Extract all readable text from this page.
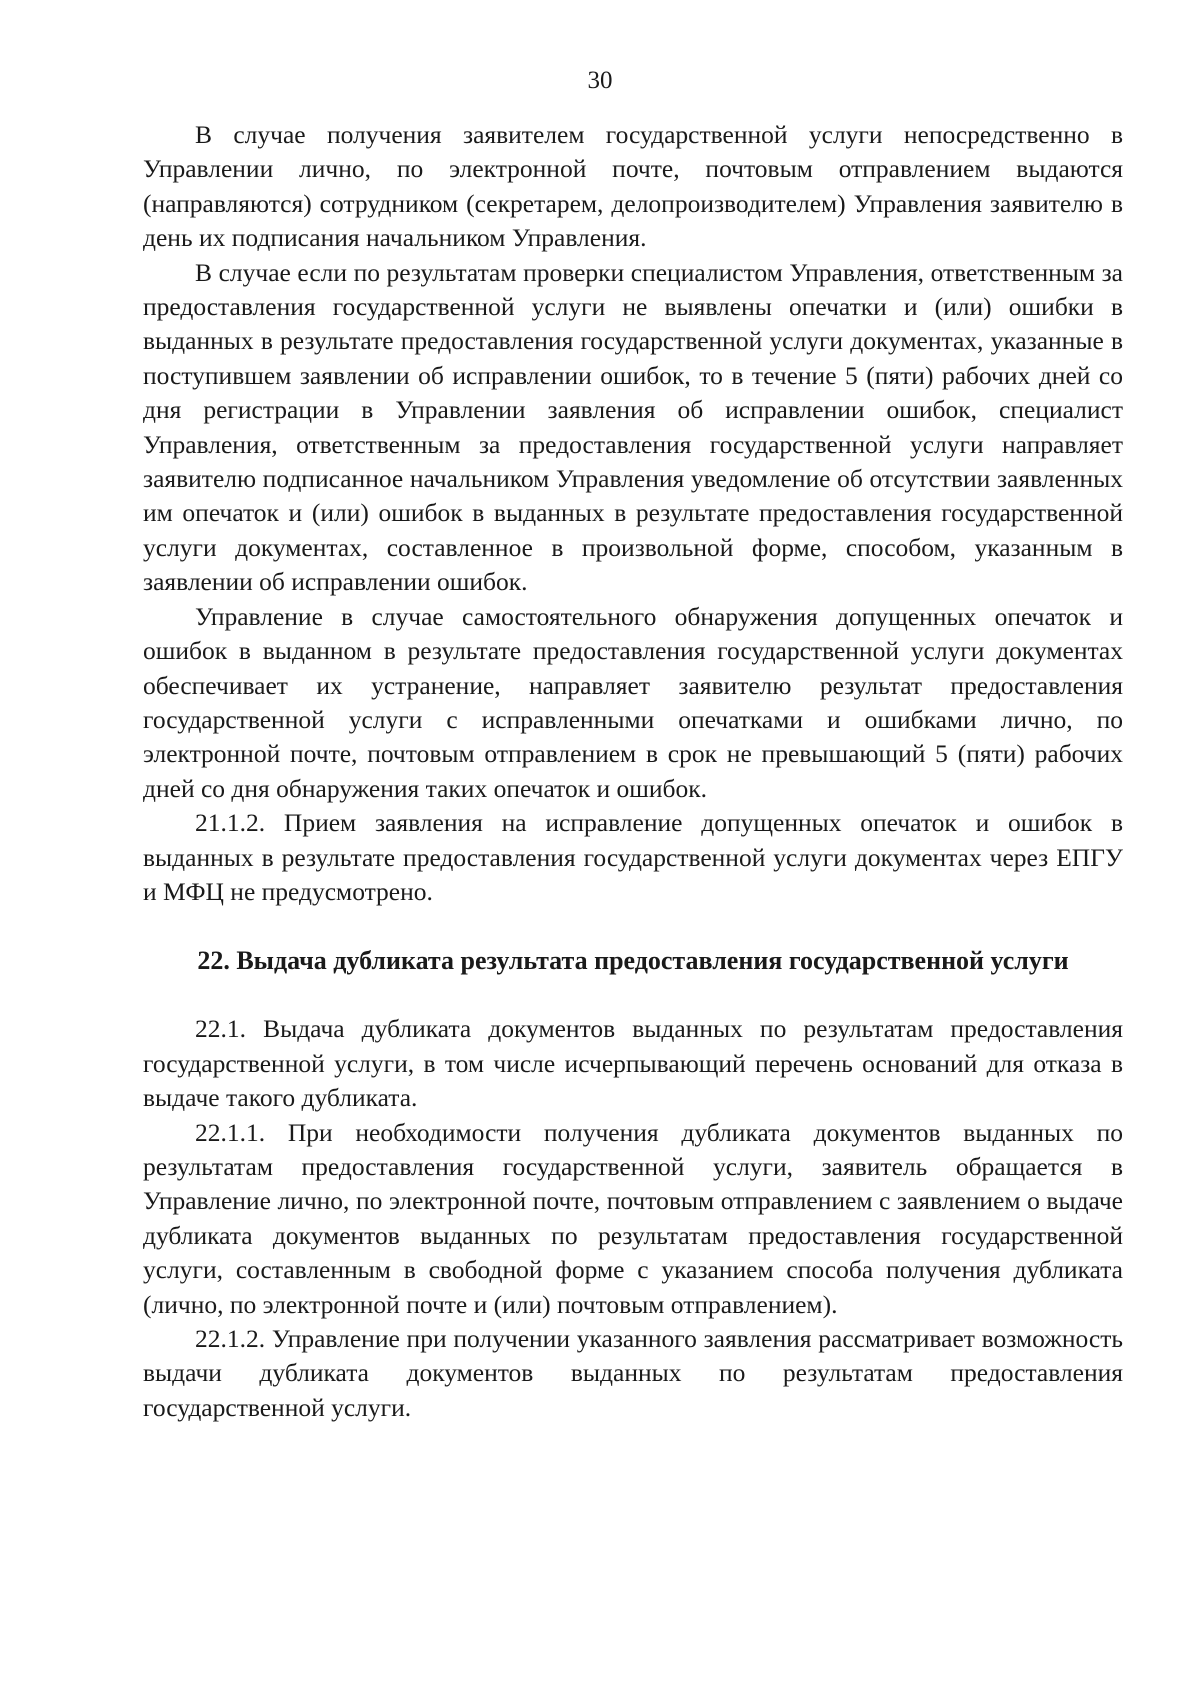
30

В случае получения заявителем государственной услуги непосредственно в Управлении лично, по электронной почте, почтовым отправлением выдаются (направляются) сотрудником (секретарем, делопроизводителем) Управления заявителю в день их подписания начальником Управления.

В случае если по результатам проверки специалистом Управления, ответственным за предоставления государственной услуги не выявлены опечатки и (или) ошибки в выданных в результате предоставления государственной услуги документах, указанные в поступившем заявлении об исправлении ошибок, то в течение 5 (пяти) рабочих дней со дня регистрации в Управлении заявления об исправлении ошибок, специалист Управления, ответственным за предоставления государственной услуги направляет заявителю подписанное начальником Управления уведомление об отсутствии заявленных им опечаток и (или) ошибок в выданных в результате предоставления государственной услуги документах, составленное в произвольной форме, способом, указанным в заявлении об исправлении ошибок.

Управление в случае самостоятельного обнаружения допущенных опечаток и ошибок в выданном в результате предоставления государственной услуги документах обеспечивает их устранение, направляет заявителю результат предоставления государственной услуги с исправленными опечатками и ошибками лично, по электронной почте, почтовым отправлением в срок не превышающий 5 (пяти) рабочих дней со дня обнаружения таких опечаток и ошибок.

21.1.2. Прием заявления на исправление допущенных опечаток и ошибок в выданных в результате предоставления государственной услуги документах через ЕПГУ и МФЦ не предусмотрено.

22. Выдача дубликата результата предоставления государственной услуги

22.1. Выдача дубликата документов выданных по результатам предоставления государственной услуги, в том числе исчерпывающий перечень оснований для отказа в выдаче такого дубликата.

22.1.1. При необходимости получения дубликата документов выданных по результатам предоставления государственной услуги, заявитель обращается в Управление лично, по электронной почте, почтовым отправлением с заявлением о выдаче дубликата документов выданных по результатам предоставления государственной услуги, составленным в свободной форме с указанием способа получения дубликата (лично, по электронной почте и (или) почтовым отправлением).

22.1.2. Управление при получении указанного заявления рассматривает возможность выдачи дубликата документов выданных по результатам предоставления государственной услуги.
